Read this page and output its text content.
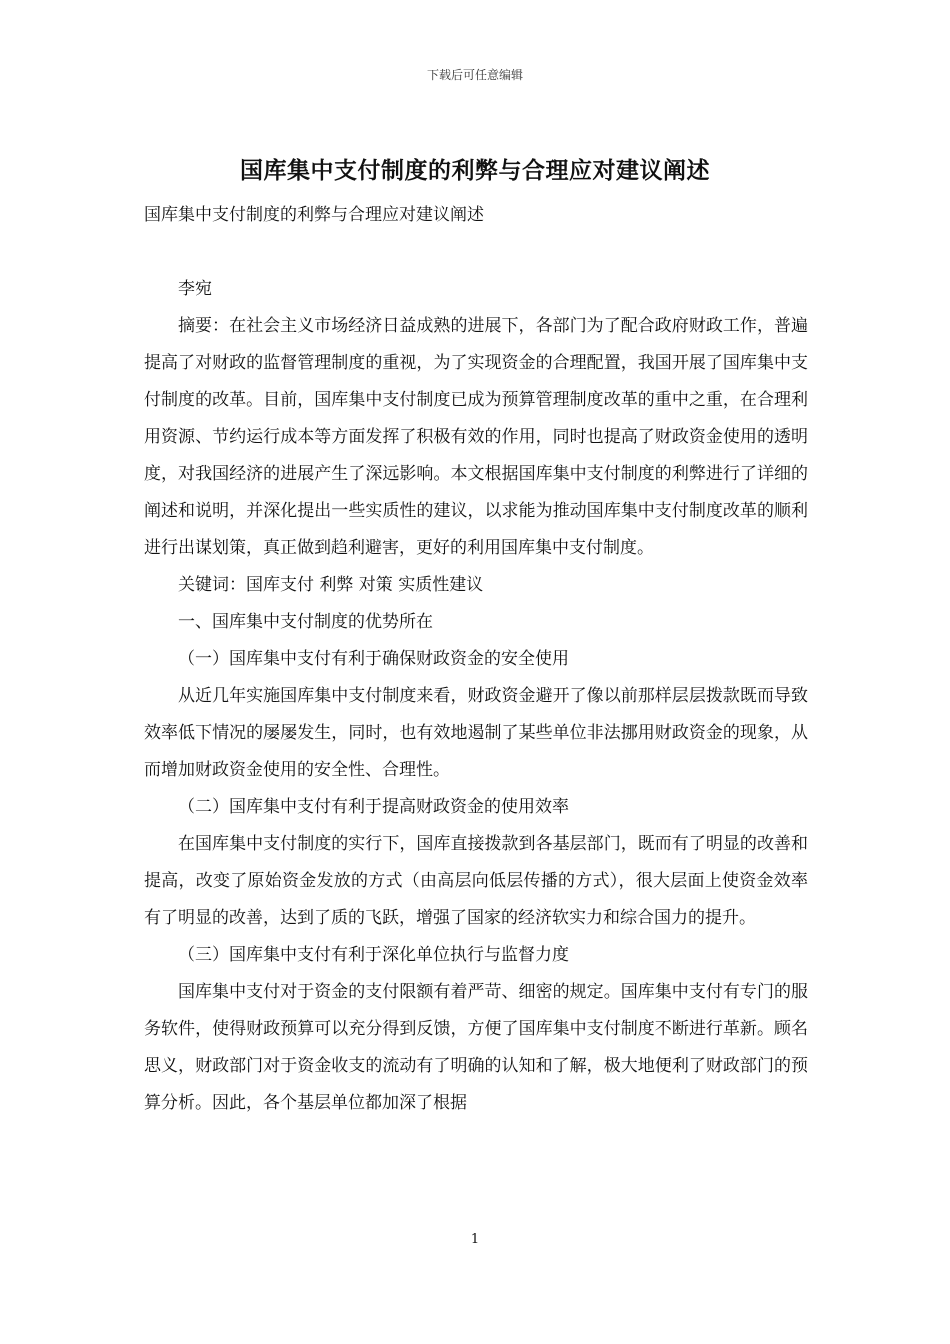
下载后可任意编辑
国库集中支付制度的利弊与合理应对建议阐述
国库集中支付制度的利弊与合理应对建议阐述

李宛

摘要：在社会主义市场经济日益成熟的进展下，各部门为了配合政府财政工作，普遍提高了对财政的监督管理制度的重视，为了实现资金的合理配置，我国开展了国库集中支付制度的改革。目前，国库集中支付制度已成为预算管理制度改革的重中之重，在合理利用资源、节约运行成本等方面发挥了积极有效的作用，同时也提高了财政资金使用的透明度，对我国经济的进展产生了深远影响。本文根据国库集中支付制度的利弊进行了详细的阐述和说明，并深化提出一些实质性的建议，以求能为推动国库集中支付制度改革的顺利进行出谋划策，真正做到趋利避害，更好的利用国库集中支付制度。

关键词：国库支付 利弊 对策 实质性建议

一、国库集中支付制度的优势所在

（一）国库集中支付有利于确保财政资金的安全使用

从近几年实施国库集中支付制度来看，财政资金避开了像以前那样层层拨款既而导致效率低下情况的屡屡发生，同时，也有效地遏制了某些单位非法挪用财政资金的现象，从而增加财政资金使用的安全性、合理性。

（二）国库集中支付有利于提高财政资金的使用效率

在国库集中支付制度的实行下，国库直接拨款到各基层部门，既而有了明显的改善和提高，改变了原始资金发放的方式（由高层向低层传播的方式），很大层面上使资金效率有了明显的改善，达到了质的飞跃，增强了国家的经济软实力和综合国力的提升。

（三）国库集中支付有利于深化单位执行与监督力度

国库集中支付对于资金的支付限额有着严苛、细密的规定。国库集中支付有专门的服务软件，使得财政预算可以充分得到反馈，方便了国库集中支付制度不断进行革新。顾名思义，财政部门对于资金收支的流动有了明确的认知和了解，极大地便利了财政部门的预算分析。因此，各个基层单位都加深了根据

1
